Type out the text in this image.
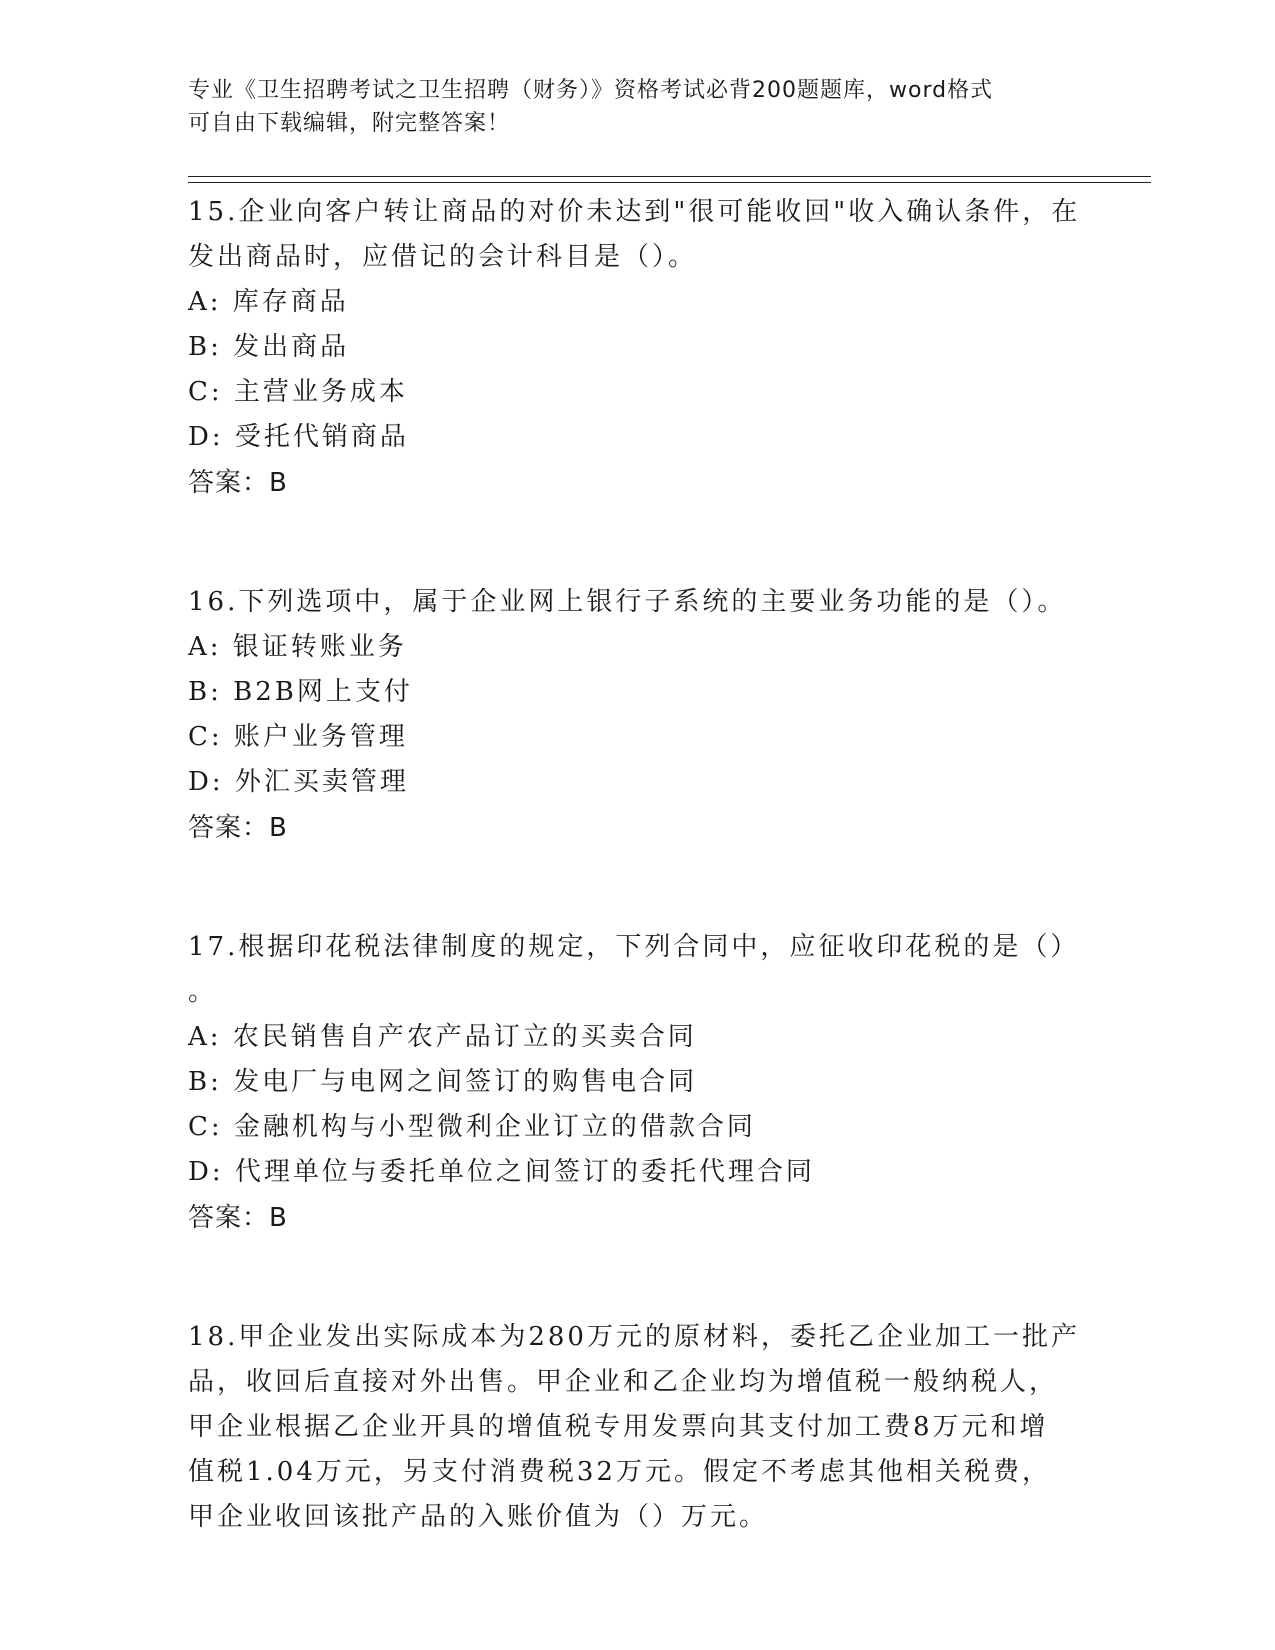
专业《卫生招聘考试之卫生招聘（财务）》资格考试必背200题题库，word格式
可自由下载编辑，附完整答案！
15.企业向客户转让商品的对价未达到"很可能收回"收入确认条件，在
发出商品时，应借记的会计科目是（）。
A: 库存商品
B: 发出商品
C: 主营业务成本
D: 受托代销商品
答案：B
16.下列选项中，属于企业网上银行子系统的主要业务功能的是（）。
A: 银证转账业务
B: B2B网上支付
C: 账户业务管理
D: 外汇买卖管理
答案：B
17.根据印花税法律制度的规定，下列合同中，应征收印花税的是（）
。
A: 农民销售自产农产品订立的买卖合同
B: 发电厂与电网之间签订的购售电合同
C: 金融机构与小型微利企业订立的借款合同
D: 代理单位与委托单位之间签订的委托代理合同
答案：B
18.甲企业发出实际成本为280万元的原材料，委托乙企业加工一批产
品，收回后直接对外出售。甲企业和乙企业均为增值税一般纳税人，
甲企业根据乙企业开具的增值税专用发票向其支付加工费8万元和增
值税1.04万元，另支付消费税32万元。假定不考虑其他相关税费，
甲企业收回该批产品的入账价值为（）万元。
